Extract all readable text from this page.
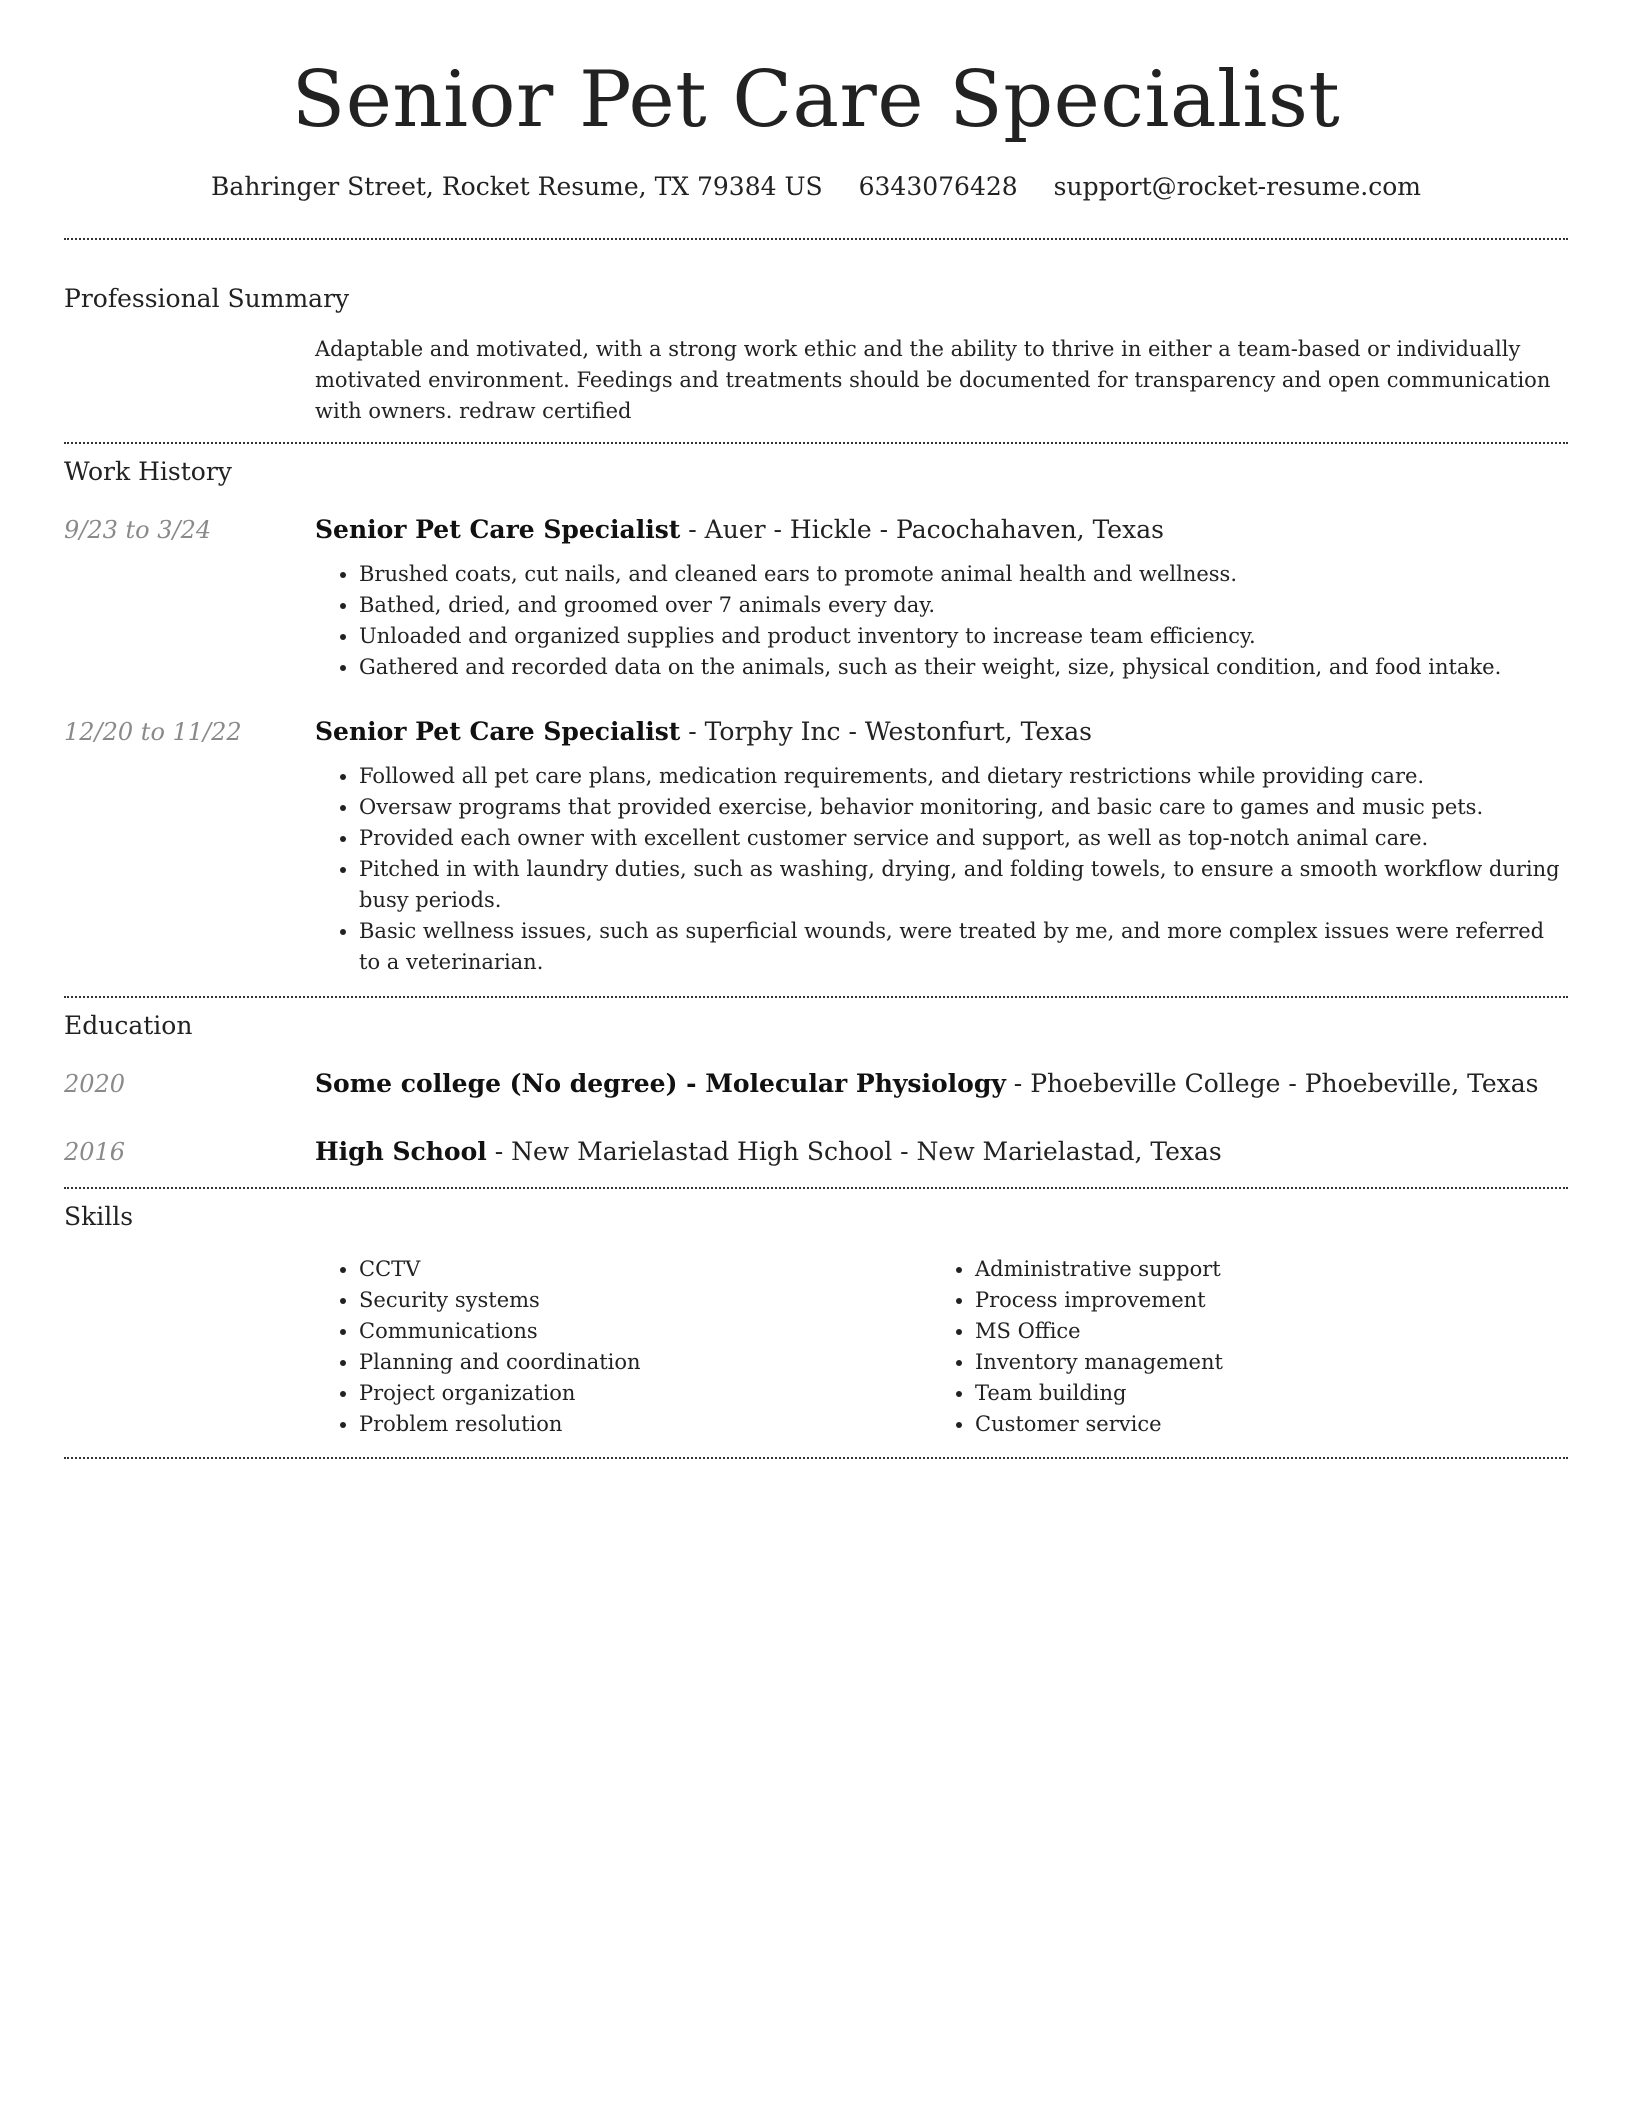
Senior Pet Care Specialist
Bahringer Street, Rocket Resume, TX 79384 US 6343076428 support@rocket-resume.com
Professional Summary

Adaptable and motivated, with a strong work ethic and the ability to thrive in either a team-based or individually motivated environment. Feedings and treatments should be documented for transparency and open communication with owners. redraw certified

Work History
9/23 to 3/24	Senior Pet Care Specialist - Auer - Hickle - Pacochahaven, Texas
• Brushed coats, cut nails, and cleaned ears to promote animal health and wellness.
• Bathed, dried, and groomed over 7 animals every day.
• Unloaded and organized supplies and product inventory to increase team efficiency.
• Gathered and recorded data on the animals, such as their weight, size, physical condition, and food intake.
12/20 to 11/22	Senior Pet Care Specialist - Torphy Inc - Westonfurt, Texas
• Followed all pet care plans, medication requirements, and dietary restrictions while providing care.
• Oversaw programs that provided exercise, behavior monitoring, and basic care to games and music pets.
• Provided each owner with excellent customer service and support, as well as top-notch animal care.
• Pitched in with laundry duties, such as washing, drying, and folding towels, to ensure a smooth workflow during busy periods.
• Basic wellness issues, such as superficial wounds, were treated by me, and more complex issues were referred to a veterinarian.
Education
2020	Some college (No degree) - Molecular Physiology - Phoebeville College - Phoebeville, Texas
2016	High School - New Marielastad High School - New Marielastad, Texas
Skills
• CCTV
• Security systems
• Communications
• Planning and coordination
• Project organization
• Problem resolution
• Administrative support
• Process improvement
• MS Office
• Inventory management
• Team building
• Customer service
